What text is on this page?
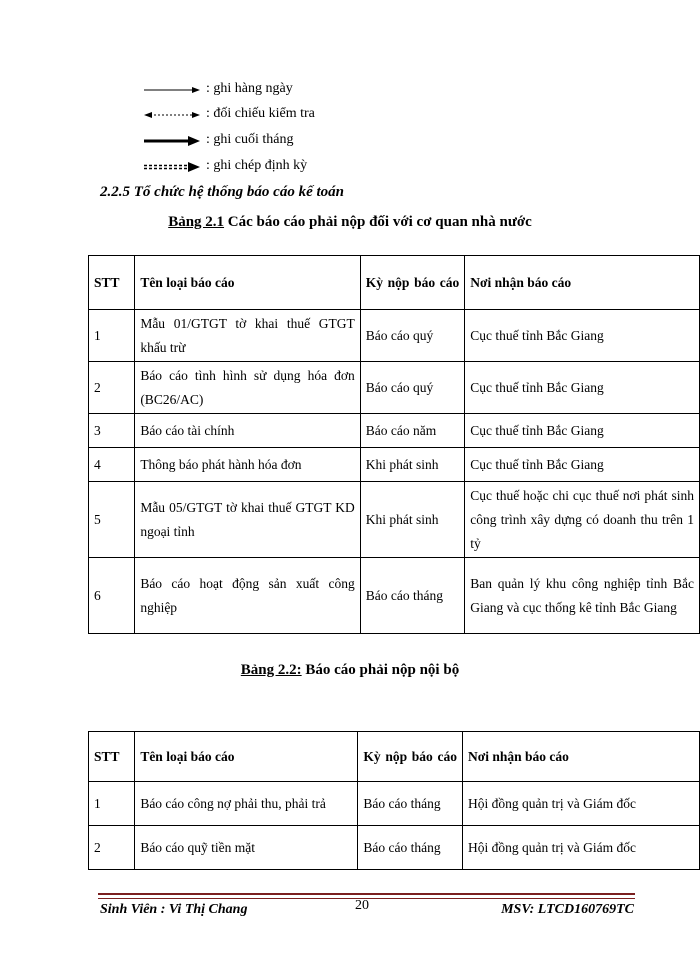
: ghi hàng ngày
: đối chiếu kiểm tra
: ghi cuối tháng
: ghi chép định kỳ
2.2.5 Tổ chức hệ thống báo cáo kế toán
Bảng 2.1 Các báo cáo phải nộp đối với cơ quan nhà nước
STT	Tên loại báo cáo	Kỳ nộp báo cáo	Nơi nhận báo cáo
1	Mẫu 01/GTGT tờ khai thuế GTGT khấu trừ	Báo cáo quý	Cục thuế tỉnh Bắc Giang
2	Báo cáo tình hình sử dụng hóa đơn (BC26/AC)	Báo cáo quý	Cục thuế tỉnh Bắc Giang
3	Báo cáo tài chính	Báo cáo năm	Cục thuế tỉnh Bắc Giang
4	Thông báo phát hành hóa đơn	Khi phát sinh	Cục thuế tỉnh Bắc Giang
5	Mẫu 05/GTGT tờ khai thuế GTGT KD ngoại tỉnh	Khi phát sinh	Cục thuế hoặc chi cục thuế nơi phát sinh công trình xây dựng có doanh thu trên 1 tỷ
6	Báo cáo hoạt động sản xuất công nghiệp	Báo cáo tháng	Ban quản lý khu công nghiệp tỉnh Bắc Giang và cục thống kê tỉnh Bắc Giang
Bảng 2.2: Báo cáo phải nộp nội bộ
STT	Tên loại báo cáo	Kỳ nộp báo cáo	Nơi nhận báo cáo
1	Báo cáo công nợ phải thu, phải trả	Báo cáo tháng	Hội đồng quản trị và Giám đốc
2	Báo cáo quỹ tiền mặt	Báo cáo tháng	Hội đồng quản trị và Giám đốc
Sinh Viên : Vi Thị Chang	20	MSV: LTCD160769TC
